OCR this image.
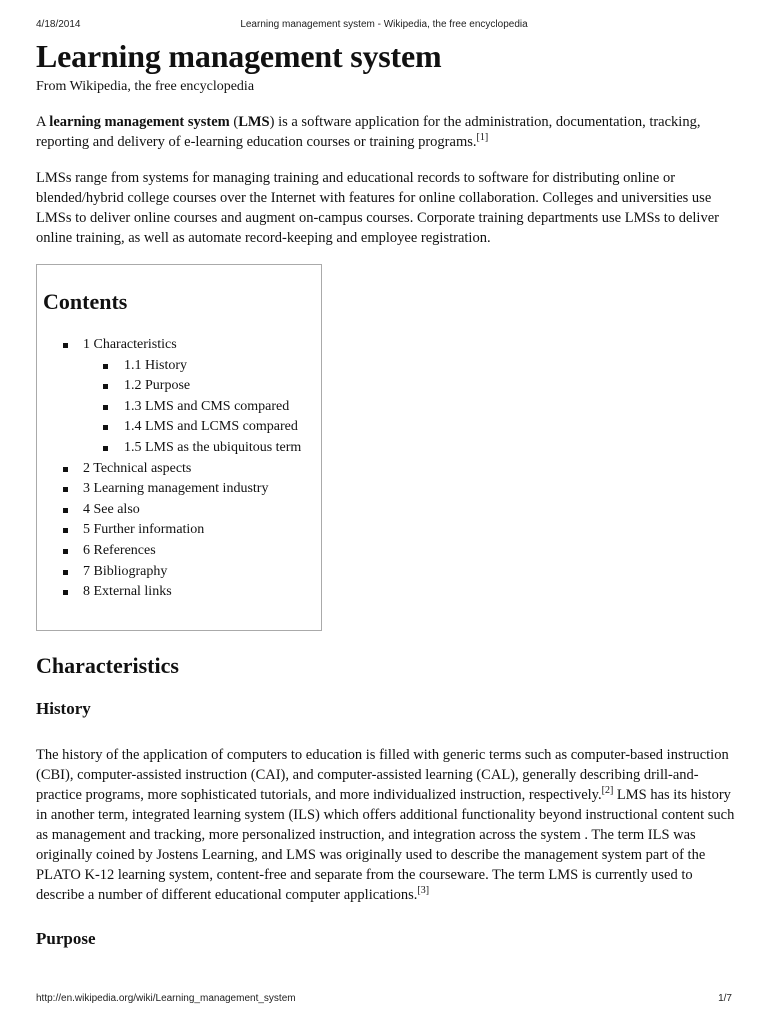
4/18/2014	Learning management system - Wikipedia, the free encyclopedia
Learning management system
From Wikipedia, the free encyclopedia

A learning management system (LMS) is a software application for the administration, documentation, tracking, reporting and delivery of e-learning education courses or training programs.[1]

LMSs range from systems for managing training and educational records to software for distributing online or blended/hybrid college courses over the Internet with features for online collaboration. Colleges and universities use LMSs to deliver online courses and augment on-campus courses. Corporate training departments use LMSs to deliver online training, as well as automate record-keeping and employee registration.

Contents
1 Characteristics
1.1 History
1.2 Purpose
1.3 LMS and CMS compared
1.4 LMS and LCMS compared
1.5 LMS as the ubiquitous term
2 Technical aspects
3 Learning management industry
4 See also
5 Further information
6 References
7 Bibliography
8 External links
Characteristics
History

The history of the application of computers to education is filled with generic terms such as computer-based instruction (CBI), computer-assisted instruction (CAI), and computer-assisted learning (CAL), generally describing drill-and-practice programs, more sophisticated tutorials, and more individualized instruction, respectively.[2] LMS has its history in another term, integrated learning system (ILS) which offers additional functionality beyond instructional content such as management and tracking, more personalized instruction, and integration across the system . The term ILS was originally coined by Jostens Learning, and LMS was originally used to describe the management system part of the PLATO K-12 learning system, content-free and separate from the courseware. The term LMS is currently used to describe a number of different educational computer applications.[3]

Purpose
http://en.wikipedia.org/wiki/Learning_management_system	1/7
